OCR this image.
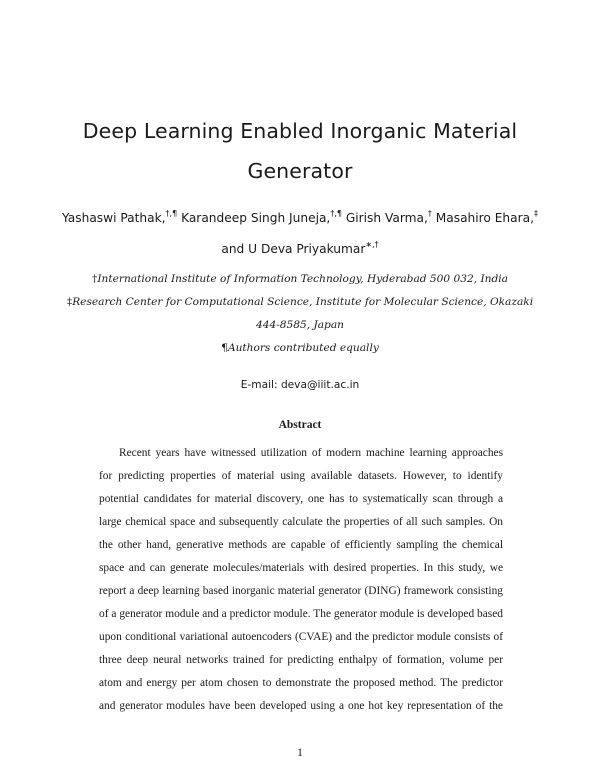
Deep Learning Enabled Inorganic Material
Generator
Yashaswi Pathak,†,¶ Karandeep Singh Juneja,†,¶ Girish Varma,† Masahiro Ehara,‡
and U Deva Priyakumar∗,†
†International Institute of Information Technology, Hyderabad 500 032, India
‡Research Center for Computational Science, Institute for Molecular Science, Okazaki
444-8585, Japan
¶Authors contributed equally
E-mail: deva@iiit.ac.in
Abstract
Recent years have witnessed utilization of modern machine learning approaches
for predicting properties of material using available datasets. However, to identify
potential candidates for material discovery, one has to systematically scan through a
large chemical space and subsequently calculate the properties of all such samples. On
the other hand, generative methods are capable of efficiently sampling the chemical
space and can generate molecules/materials with desired properties. In this study, we
report a deep learning based inorganic material generator (DING) framework consisting
of a generator module and a predictor module. The generator module is developed based
upon conditional variational autoencoders (CVAE) and the predictor module consists of
three deep neural networks trained for predicting enthalpy of formation, volume per
atom and energy per atom chosen to demonstrate the proposed method. The predictor
and generator modules have been developed using a one hot key representation of the
1
